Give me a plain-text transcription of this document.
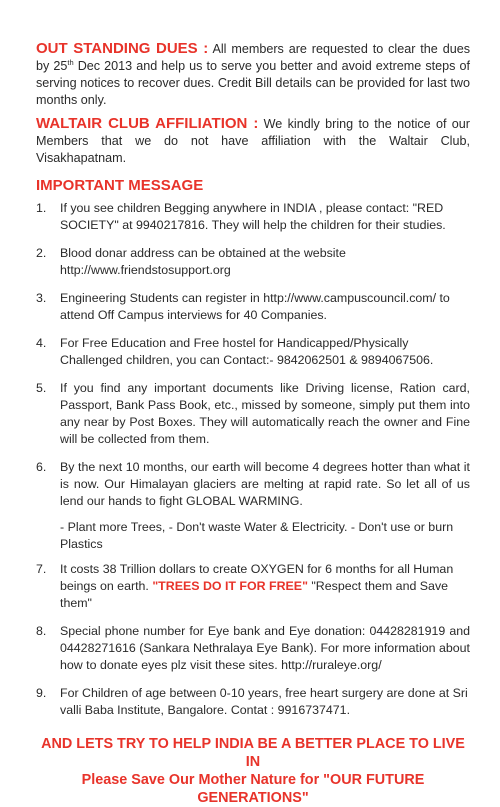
OUT STANDING DUES : All members are requested to clear the dues by 25th Dec 2013 and help us to serve you better and avoid extreme steps of serving notices to recover dues. Credit Bill details can be provided for last two months only.

WALTAIR CLUB AFFILIATION : We kindly bring to the notice of our Members that we do not have affiliation with the Waltair Club, Visakhapatnam.

IMPORTANT MESSAGE
1. If you see children Begging anywhere in INDIA , please contact: "RED SOCIETY" at 9940217816. They will help the children for their studies.
2. Blood donar address can be obtained at the website http://www.friendstosupport.org
3. Engineering Students can register in http://www.campuscouncil.com/ to attend Off Campus interviews for 40 Companies.
4. For Free Education and Free hostel for Handicapped/Physically Challenged children, you can Contact:- 9842062501 & 9894067506.
5. If you find any important documents like Driving license, Ration card, Passport, Bank Pass Book, etc., missed by someone, simply put them into any near by Post Boxes. They will automatically reach the owner and Fine will be collected from them.
6. By the next 10 months, our earth will become 4 degrees hotter than what it is now. Our Himalayan glaciers are melting at rapid rate. So let all of us lend our hands to fight GLOBAL WARMING.
- Plant more Trees, - Don't waste Water & Electricity. - Don't use or burn Plastics
7. It costs 38 Trillion dollars to create OXYGEN for 6 months for all Human beings on earth. "TREES DO IT FOR FREE" "Respect them and Save them"
8. Special phone number for Eye bank and Eye donation: 04428281919 and 04428271616 (Sankara Nethralaya Eye Bank). For more information about how to donate eyes plz visit these sites. http://ruraleye.org/
9. For Children of age between 0-10 years, free heart surgery are done at Sri valli Baba Institute, Bangalore. Contat : 9916737471.
AND LETS TRY TO HELP INDIA BE A BETTER PLACE TO LIVE IN
Please Save Our Mother Nature for "OUR FUTURE GENERATIONS"
